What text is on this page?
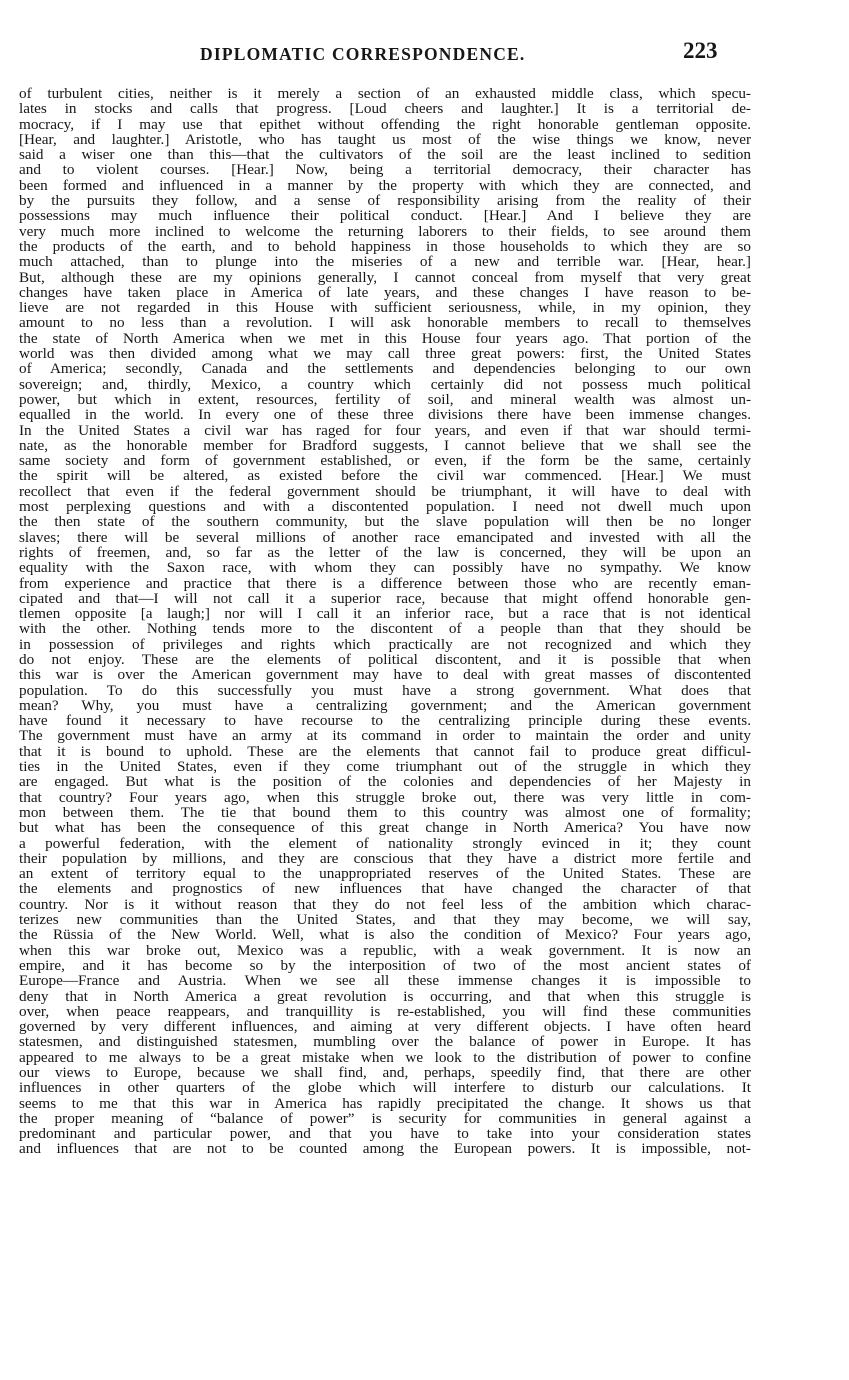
DIPLOMATIC CORRESPONDENCE.	223
of turbulent cities, neither is it merely a section of an exhausted middle class, which specu-
lates in stocks and calls that progress. [Loud cheers and laughter.] It is a territorial de-
mocracy, if I may use that epithet without offending the right honorable gentleman opposite.
[Hear, and laughter.] Aristotle, who has taught us most of the wise things we know, never
said a wiser one than this—that the cultivators of the soil are the least inclined to sedition
and to violent courses. [Hear.] Now, being a territorial democracy, their character has
been formed and influenced in a manner by the property with which they are connected, and
by the pursuits they follow, and a sense of responsibility arising from the reality of their
possessions may much influence their political conduct. [Hear.] And I believe they are
very much more inclined to welcome the returning laborers to their fields, to see around them
the products of the earth, and to behold happiness in those households to which they are so
much attached, than to plunge into the miseries of a new and terrible war. [Hear, hear.]
But, although these are my opinions generally, I cannot conceal from myself that very great
changes have taken place in America of late years, and these changes I have reason to be-
lieve are not regarded in this House with sufficient seriousness, while, in my opinion, they
amount to no less than a revolution. I will ask honorable members to recall to themselves
the state of North America when we met in this House four years ago. That portion of the
world was then divided among what we may call three great powers: first, the United States
of America; secondly, Canada and the settlements and dependencies belonging to our own
sovereign; and, thirdly, Mexico, a country which certainly did not possess much political
power, but which in extent, resources, fertility of soil, and mineral wealth was almost un-
equalled in the world. In every one of these three divisions there have been immense changes.
In the United States a civil war has raged for four years, and even if that war should termi-
nate, as the honorable member for Bradford suggests, I cannot believe that we shall see the
same society and form of government established, or even, if the form be the same, certainly
the spirit will be altered, as existed before the civil war commenced. [Hear.] We must
recollect that even if the federal government should be triumphant, it will have to deal with
most perplexing questions and with a discontented population. I need not dwell much upon
the then state of the southern community, but the slave population will then be no longer
slaves; there will be several millions of another race emancipated and invested with all the
rights of freemen, and, so far as the letter of the law is concerned, they will be upon an
equality with the Saxon race, with whom they can possibly have no sympathy. We know
from experience and practice that there is a difference between those who are recently eman-
cipated and that—I will not call it a superior race, because that might offend honorable gen-
tlemen opposite [a laugh;] nor will I call it an inferior race, but a race that is not identical
with the other. Nothing tends more to the discontent of a people than that they should be
in possession of privileges and rights which practically are not recognized and which they
do not enjoy. These are the elements of political discontent, and it is possible that when
this war is over the American government may have to deal with great masses of discontented
population. To do this successfully you must have a strong government. What does that
mean? Why, you must have a centralizing government; and the American government
have found it necessary to have recourse to the centralizing principle during these events.
The government must have an army at its command in order to maintain the order and unity
that it is bound to uphold. These are the elements that cannot fail to produce great difficul-
ties in the United States, even if they come triumphant out of the struggle in which they
are engaged. But what is the position of the colonies and dependencies of her Majesty in
that country? Four years ago, when this struggle broke out, there was very little in com-
mon between them. The tie that bound them to this country was almost one of formality;
but what has been the consequence of this great change in North America? You have now
a powerful federation, with the element of nationality strongly evinced in it; they count
their population by millions, and they are conscious that they have a district more fertile and
an extent of territory equal to the unappropriated reserves of the United States. These are
the elements and prognostics of new influences that have changed the character of that
country. Nor is it without reason that they do not feel less of the ambition which charac-
terizes new communities than the United States, and that they may become, we will say,
the Rüssia of the New World. Well, what is also the condition of Mexico? Four years ago,
when this war broke out, Mexico was a republic, with a weak government. It is now an
empire, and it has become so by the interposition of two of the most ancient states of
Europe—France and Austria. When we see all these immense changes it is impossible to
deny that in North America a great revolution is occurring, and that when this struggle is
over, when peace reappears, and tranquillity is re-established, you will find these communities
governed by very different influences, and aiming at very different objects. I have often heard
statesmen, and distinguished statesmen, mumbling over the balance of power in Europe. It has
appeared to me always to be a great mistake when we look to the distribution of power to confine
our views to Europe, because we shall find, and, perhaps, speedily find, that there are other
influences in other quarters of the globe which will interfere to disturb our calculations. It
seems to me that this war in America has rapidly precipitated the change. It shows us that
the proper meaning of “balance of power” is security for communities in general against a
predominant and particular power, and that you have to take into your consideration states
and influences that are not to be counted among the European powers. It is impossible, not-
